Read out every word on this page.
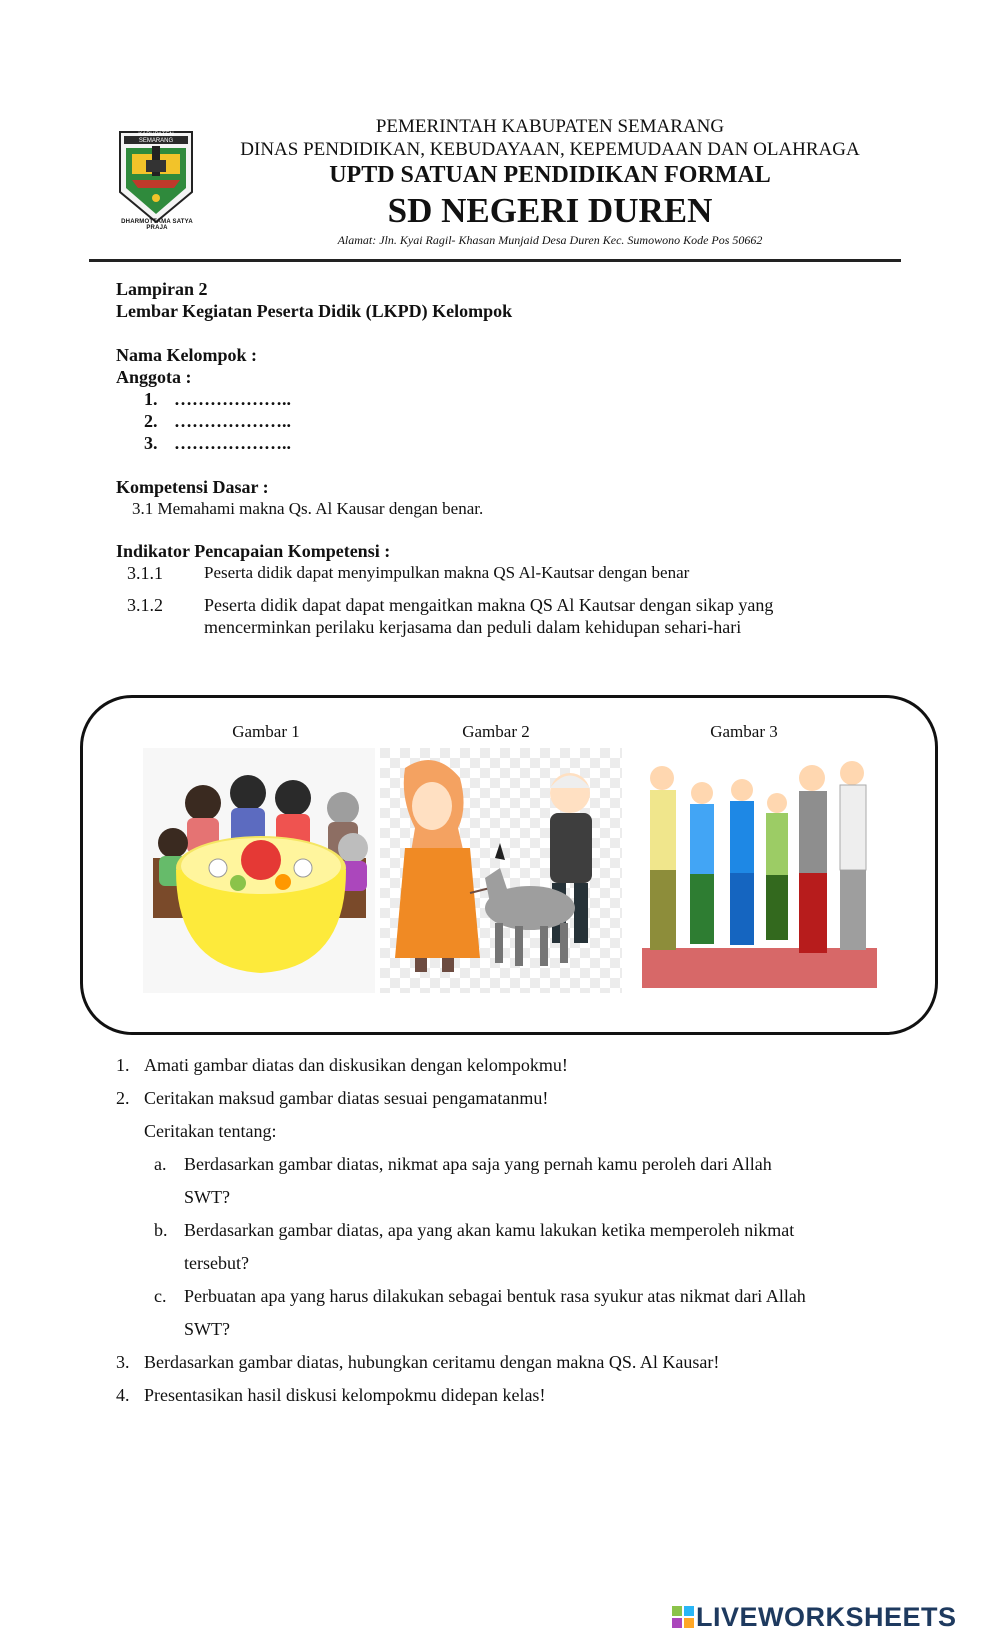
KABUPATEN SEMARANG
DHARMOTTAMA SATYA PRAJA
PEMERINTAH KABUPATEN SEMARANG
DINAS PENDIDIKAN, KEBUDAYAAN, KEPEMUDAAN DAN OLAHRAGA
UPTD SATUAN PENDIDIKAN FORMAL
SD NEGERI DUREN
Alamat: Jln. Kyai Ragil- Khasan Munjaid Desa Duren Kec. Sumowono Kode Pos 50662
Lampiran 2
Lembar Kegiatan Peserta Didik (LKPD) Kelompok
Nama Kelompok :
Anggota :
1. ………………..
2. ………………..
3. ………………..
Kompetensi Dasar :
3.1 Memahami makna Qs. Al Kausar dengan benar.
Indikator Pencapaian Kompetensi :
3.1.1 Peserta didik dapat menyimpulkan makna QS Al-Kautsar dengan benar
3.1.2 Peserta didik dapat dapat mengaitkan makna QS Al Kautsar dengan sikap yang
mencerminkan perilaku kerjasama dan peduli dalam kehidupan sehari-hari
Gambar 1	Gambar 2	Gambar 3
1. Amati gambar diatas dan diskusikan dengan kelompokmu!
2. Ceritakan maksud gambar diatas sesuai pengamatanmu!
Ceritakan tentang:
a. Berdasarkan gambar diatas, nikmat apa saja yang pernah kamu peroleh dari Allah
SWT?
b. Berdasarkan gambar diatas, apa yang akan kamu lakukan ketika memperoleh nikmat
tersebut?
c. Perbuatan apa yang harus dilakukan sebagai bentuk rasa syukur atas nikmat dari Allah
SWT?
3. Berdasarkan gambar diatas, hubungkan ceritamu dengan makna QS. Al Kausar!
4. Presentasikan hasil diskusi kelompokmu didepan kelas!
LIVEWORKSHEETS
